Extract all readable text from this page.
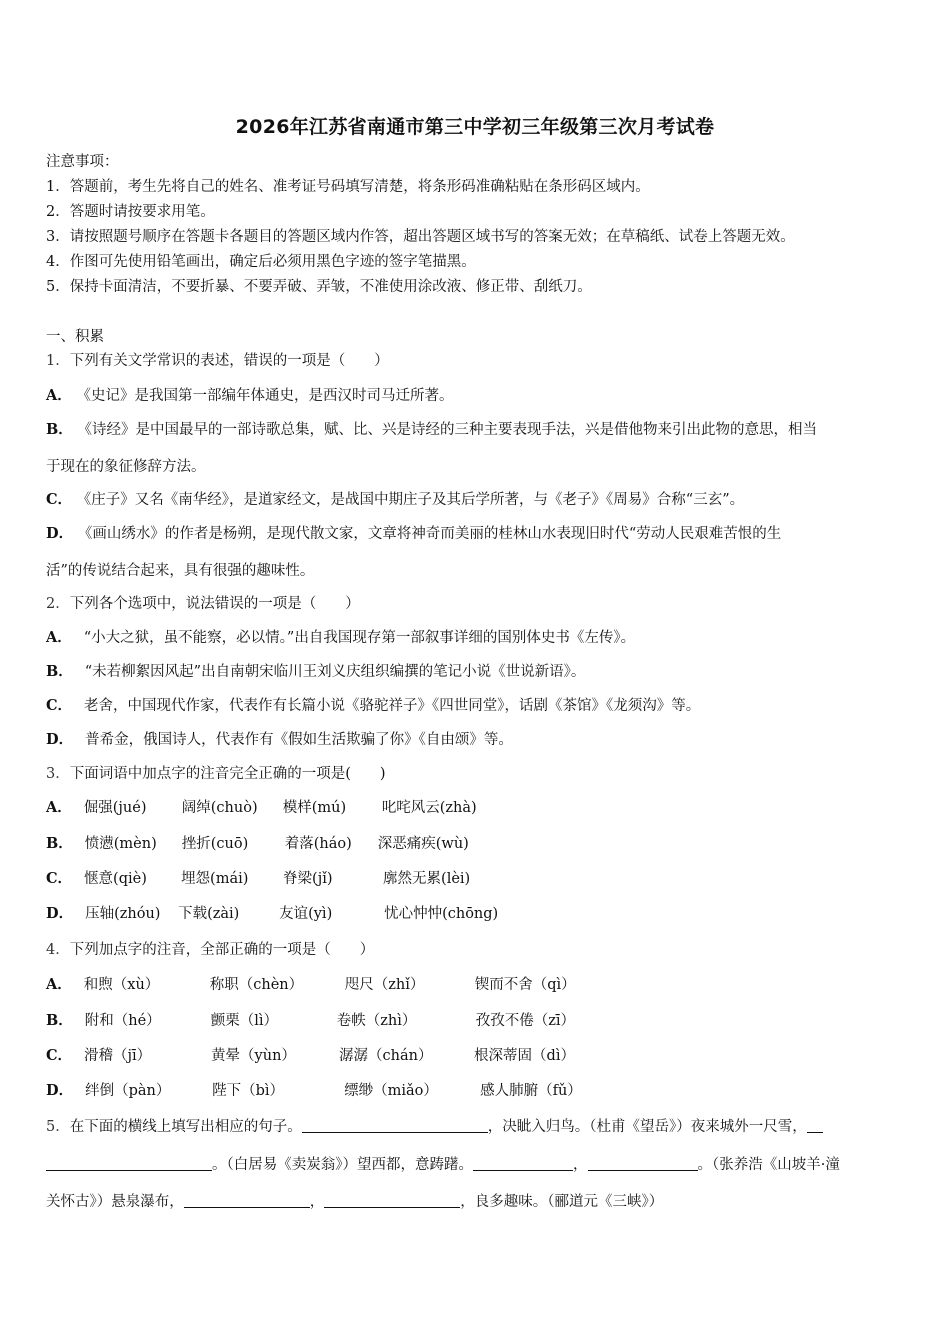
2026年江苏省南通市第三中学初三年级第三次月考试卷
注意事项：
1．答题前，考生先将自己的姓名、准考证号码填写清楚，将条形码准确粘贴在条形码区域内。
2．答题时请按要求用笔。
3．请按照题号顺序在答题卡各题目的答题区域内作答，超出答题区域书写的答案无效；在草稿纸、试卷上答题无效。
4．作图可先使用铅笔画出，确定后必须用黑色字迹的签字笔描黑。
5．保持卡面清洁，不要折暴、不要弄破、弄皱，不准使用涂改液、修正带、刮纸刀。
一、积累
1．下列有关文学常识的表述，错误的一项是（　　）
A． 《史记》是我国第一部编年体通史，是西汉时司马迁所著。
B． 《诗经》是中国最早的一部诗歌总集，赋、比、兴是诗经的三种主要表现手法，兴是借他物来引出此物的意思，相当
于现在的象征修辞方法。
C． 《庄子》又名《南华经》，是道家经文，是战国中期庄子及其后学所著，与《老子》《周易》合称“三玄”。
D． 《画山绣水》的作者是杨朔，是现代散文家，文章将神奇而美丽的桂林山水表现旧时代“劳动人民艰难苦恨的生
活”的传说结合起来，具有很强的趣味性。
2．下列各个选项中，说法错误的一项是（　　）
A． “小大之狱，虽不能察，必以情。”出自我国现存第一部叙事详细的国别体史书《左传》。
B． “未若柳絮因风起”出自南朝宋临川王刘义庆组织编撰的笔记小说《世说新语》。
C． 老舍，中国现代作家，代表作有长篇小说《骆驼祥子》《四世同堂》，话剧《茶馆》《龙须沟》等。
D． 普希金，俄国诗人，代表作有《假如生活欺骗了你》《自由颂》等。
3．下面词语中加点字的注音完全正确的一项是(　　)
A． 倔强(jué) 阔绰(chuò) 模样(mú) 叱咤风云(zhà)
B． 愤懑(mèn) 挫折(cuō)	着落(háo) 深恶痛疾(wù)
C． 惬意(qiè) 埋怨(mái) 脊梁(jǐ)	廓然无累(lèi)
D． 压轴(zhóu) 下载(zài)	友谊(yì)	忧心忡忡(chōng)
4．下列加点字的注音，全部正确的一项是（　　）
A． 和煦（xù）	称职（chèn）	咫尺（zhǐ）	锲而不舍（qì）
B． 附和（hé）	颤栗（lì）	卷帙（zhì）	孜孜不倦（zī）
C． 滑稽（jī）	黄晕（yùn）	潺潺（chán）	根深蒂固（dì）
D． 绊倒（pàn）	陛下（bì）	缥缈（miǎo）	感人肺腑（fǔ）
5．在下面的横线上填写出相应的句子。	，决眦入归鸟。（杜甫《望岳》）夜来城外一尺雪，
。（白居易《卖炭翁》）望西都，意踌躇。	，	。（张养浩《山坡羊·潼
关怀古》）悬泉瀑布，	，	，良多趣味。（郦道元《三峡》）
